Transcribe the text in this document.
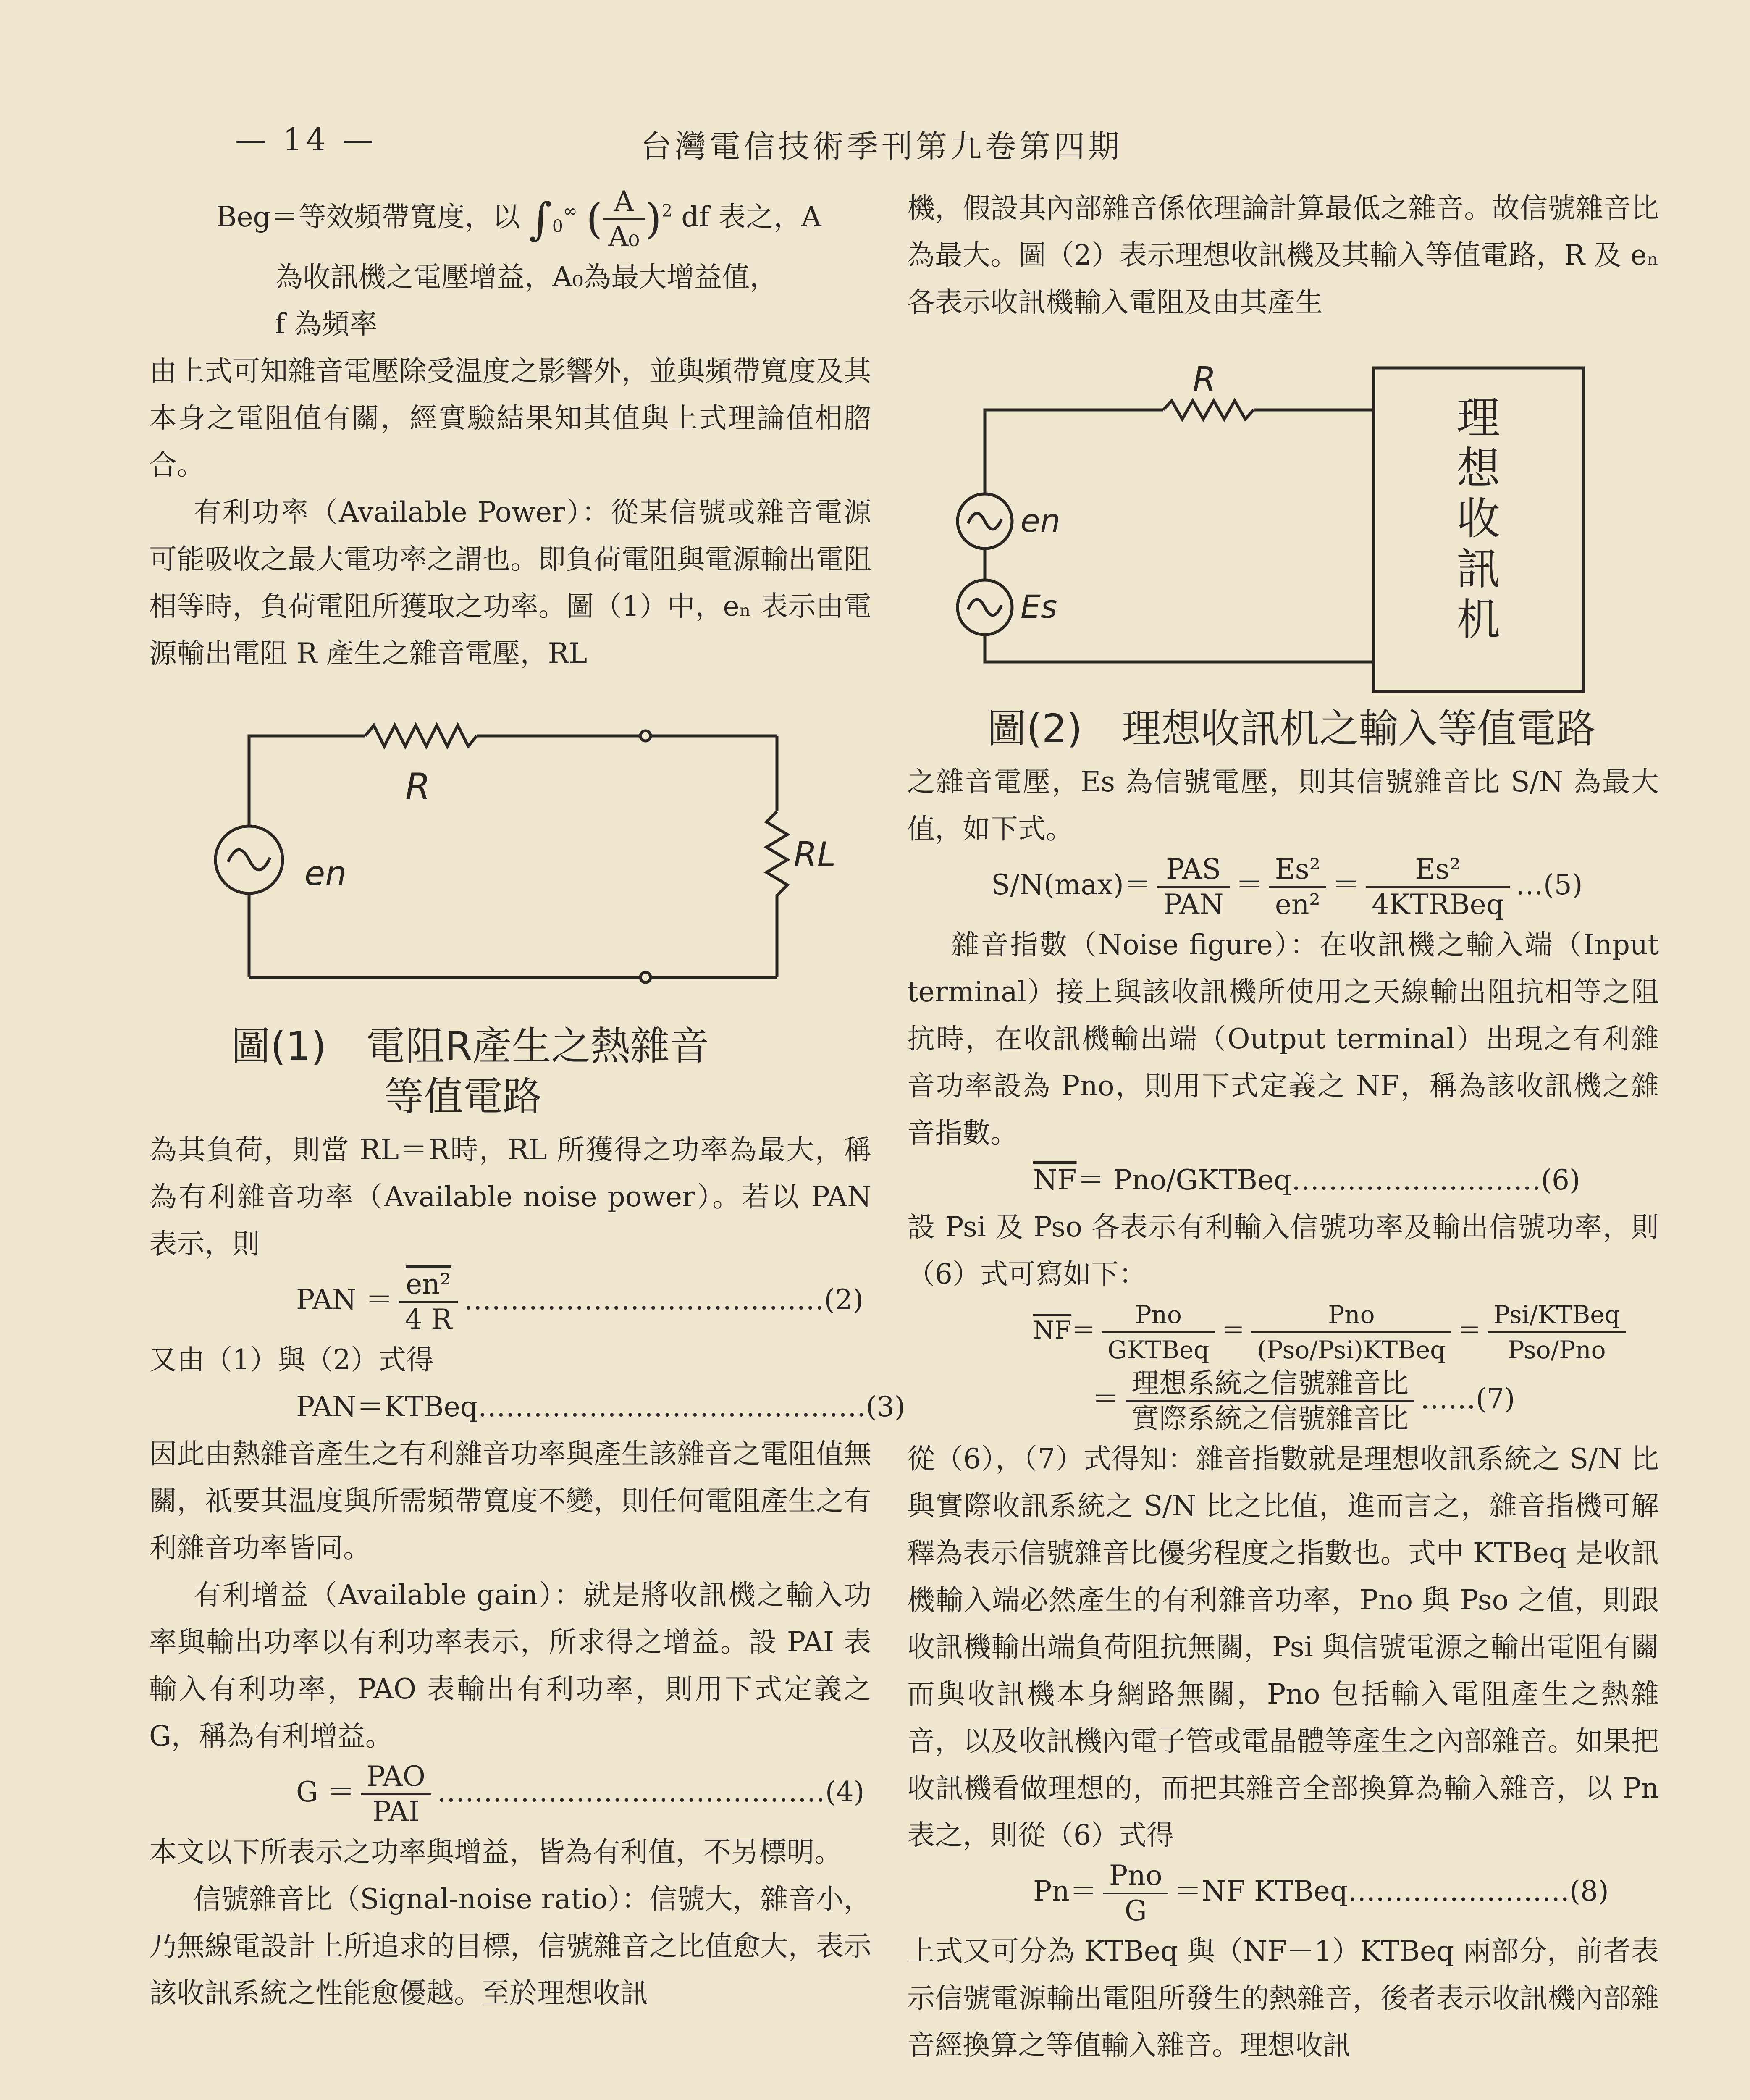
— 14 —	台灣電信技術季刊第九卷第四期

Beg＝等效頻帶寬度，以 $\int_0^\infty$ ( $\frac{A}{\text{A₀}} )^2$ df 表之，A

為收訊機之電壓增益，A₀為最大增益值，

f 為頻率

由上式可知雜音電壓除受温度之影響外，並與頻帶寬度及其本身之電阻值有關，經實驗結果知其值與上式理論值相脗合。

有利功率（Available Power）：從某信號或雜音電源可能吸收之最大電功率之謂也。即負荷電阻與電源輸出電阻相等時，負荷電阻所獲取之功率。圖（1）中，eₙ 表示由電源輸出電阻 R 產生之雜音電壓，RL

R
RL
en
圖(1)　電阻R產生之熱雜音
等值電路

為其負荷，則當 RL＝R時，RL 所獲得之功率為最大，稱為有利雜音功率（Available noise power）。若以 PAN 表示，則

PAN ＝ $\frac{\text{en²}}{4 R}$ …………………………………(2)

又由（1）與（2）式得

PAN＝KTBeq……………………………………(3)

因此由熱雜音產生之有利雜音功率與產生該雜音之電阻值無關，祇要其温度與所需頻帶寬度不變，則任何電阻產生之有利雜音功率皆同。

有利增益（Available gain）：就是將收訊機之輸入功率與輸出功率以有利功率表示，所求得之增益。設 PAI 表輸入有利功率，PAO 表輸出有利功率，則用下式定義之 G，稱為有利增益。

$G = \frac{\text{PAO}}{\text{PAI}}$ ……………………………………(4)

本文以下所表示之功率與增益，皆為有利值，不另標明。

信號雜音比（Signal-noise ratio）：信號大，雜音小，乃無線電設計上所追求的目標，信號雜音之比值愈大，表示該收訊系統之性能愈優越。至於理想收訊

機，假設其內部雜音係依理論計算最低之雜音。故信號雜音比為最大。圖（2）表示理想收訊機及其輸入等值電路，R 及 eₙ 各表示收訊機輸入電阻及由其產生

R
en
Es
理
想
收
訊
机
圖(2)　理想收訊机之輸入等值電路

之雜音電壓，Es 為信號電壓，則其信號雜音比 S/N 為最大值，如下式。

$S/N(\max)= \frac{\text{PAS}}{\text{PAN}} = \frac{\text{Es²}}{\text{en²}} = \frac{\text{Es²}}{\text{4KTRBeq}}$ …(5)

雜音指數（Noise figure）：在收訊機之輸入端（Input terminal）接上與該收訊機所使用之天線輸出阻抗相等之阻抗時，在收訊機輸出端（Output terminal）出現之有利雜音功率設為 Pno，則用下式定義之 NF，稱為該收訊機之雜音指數。

$\overline{NF}=$ Pno/GKTBeq………………………(6)

設 Psi 及 Pso 各表示有利輸入信號功率及輸出信號功率，則（6）式可寫如下：

$\overline{NF}= \frac{\text{Pno}}{\text{GKTBeq}} = \frac{\text{Pno}}{\text{(Pso/Psi)KTBeq}} = \frac{\text{Psi/KTBeq}}{\text{Pso/Pno}}$

＝ $\frac{\text{理想系統之信號雜音比}}{\text{實際系統之信號雜音比}}$ ……(7)

從（6），（7）式得知：雜音指數就是理想收訊系統之 S/N 比與實際收訊系統之 S/N 比之比值，進而言之，雜音指機可解釋為表示信號雜音比優劣程度之指數也。式中 KTBeq 是收訊機輸入端必然產生的有利雜音功率，Pno 與 Pso 之值，則跟收訊機輸出端負荷阻抗無關，Psi 與信號電源之輸出電阻有關而與收訊機本身網路無關，Pno 包括輸入電阻產生之熱雜音，以及收訊機內電子管或電晶體等產生之內部雜音。如果把收訊機看做理想的，而把其雜音全部換算為輸入雜音，以 Pn 表之，則從（6）式得

$Pn= \frac{\text{Pno}}{G} =NF$ KTBeq……………………(8)

上式又可分為 KTBeq 與（NF－1）KTBeq 兩部分，前者表示信號電源輸出電阻所發生的熱雜音，後者表示收訊機內部雜音經換算之等值輸入雜音。理想收訊
